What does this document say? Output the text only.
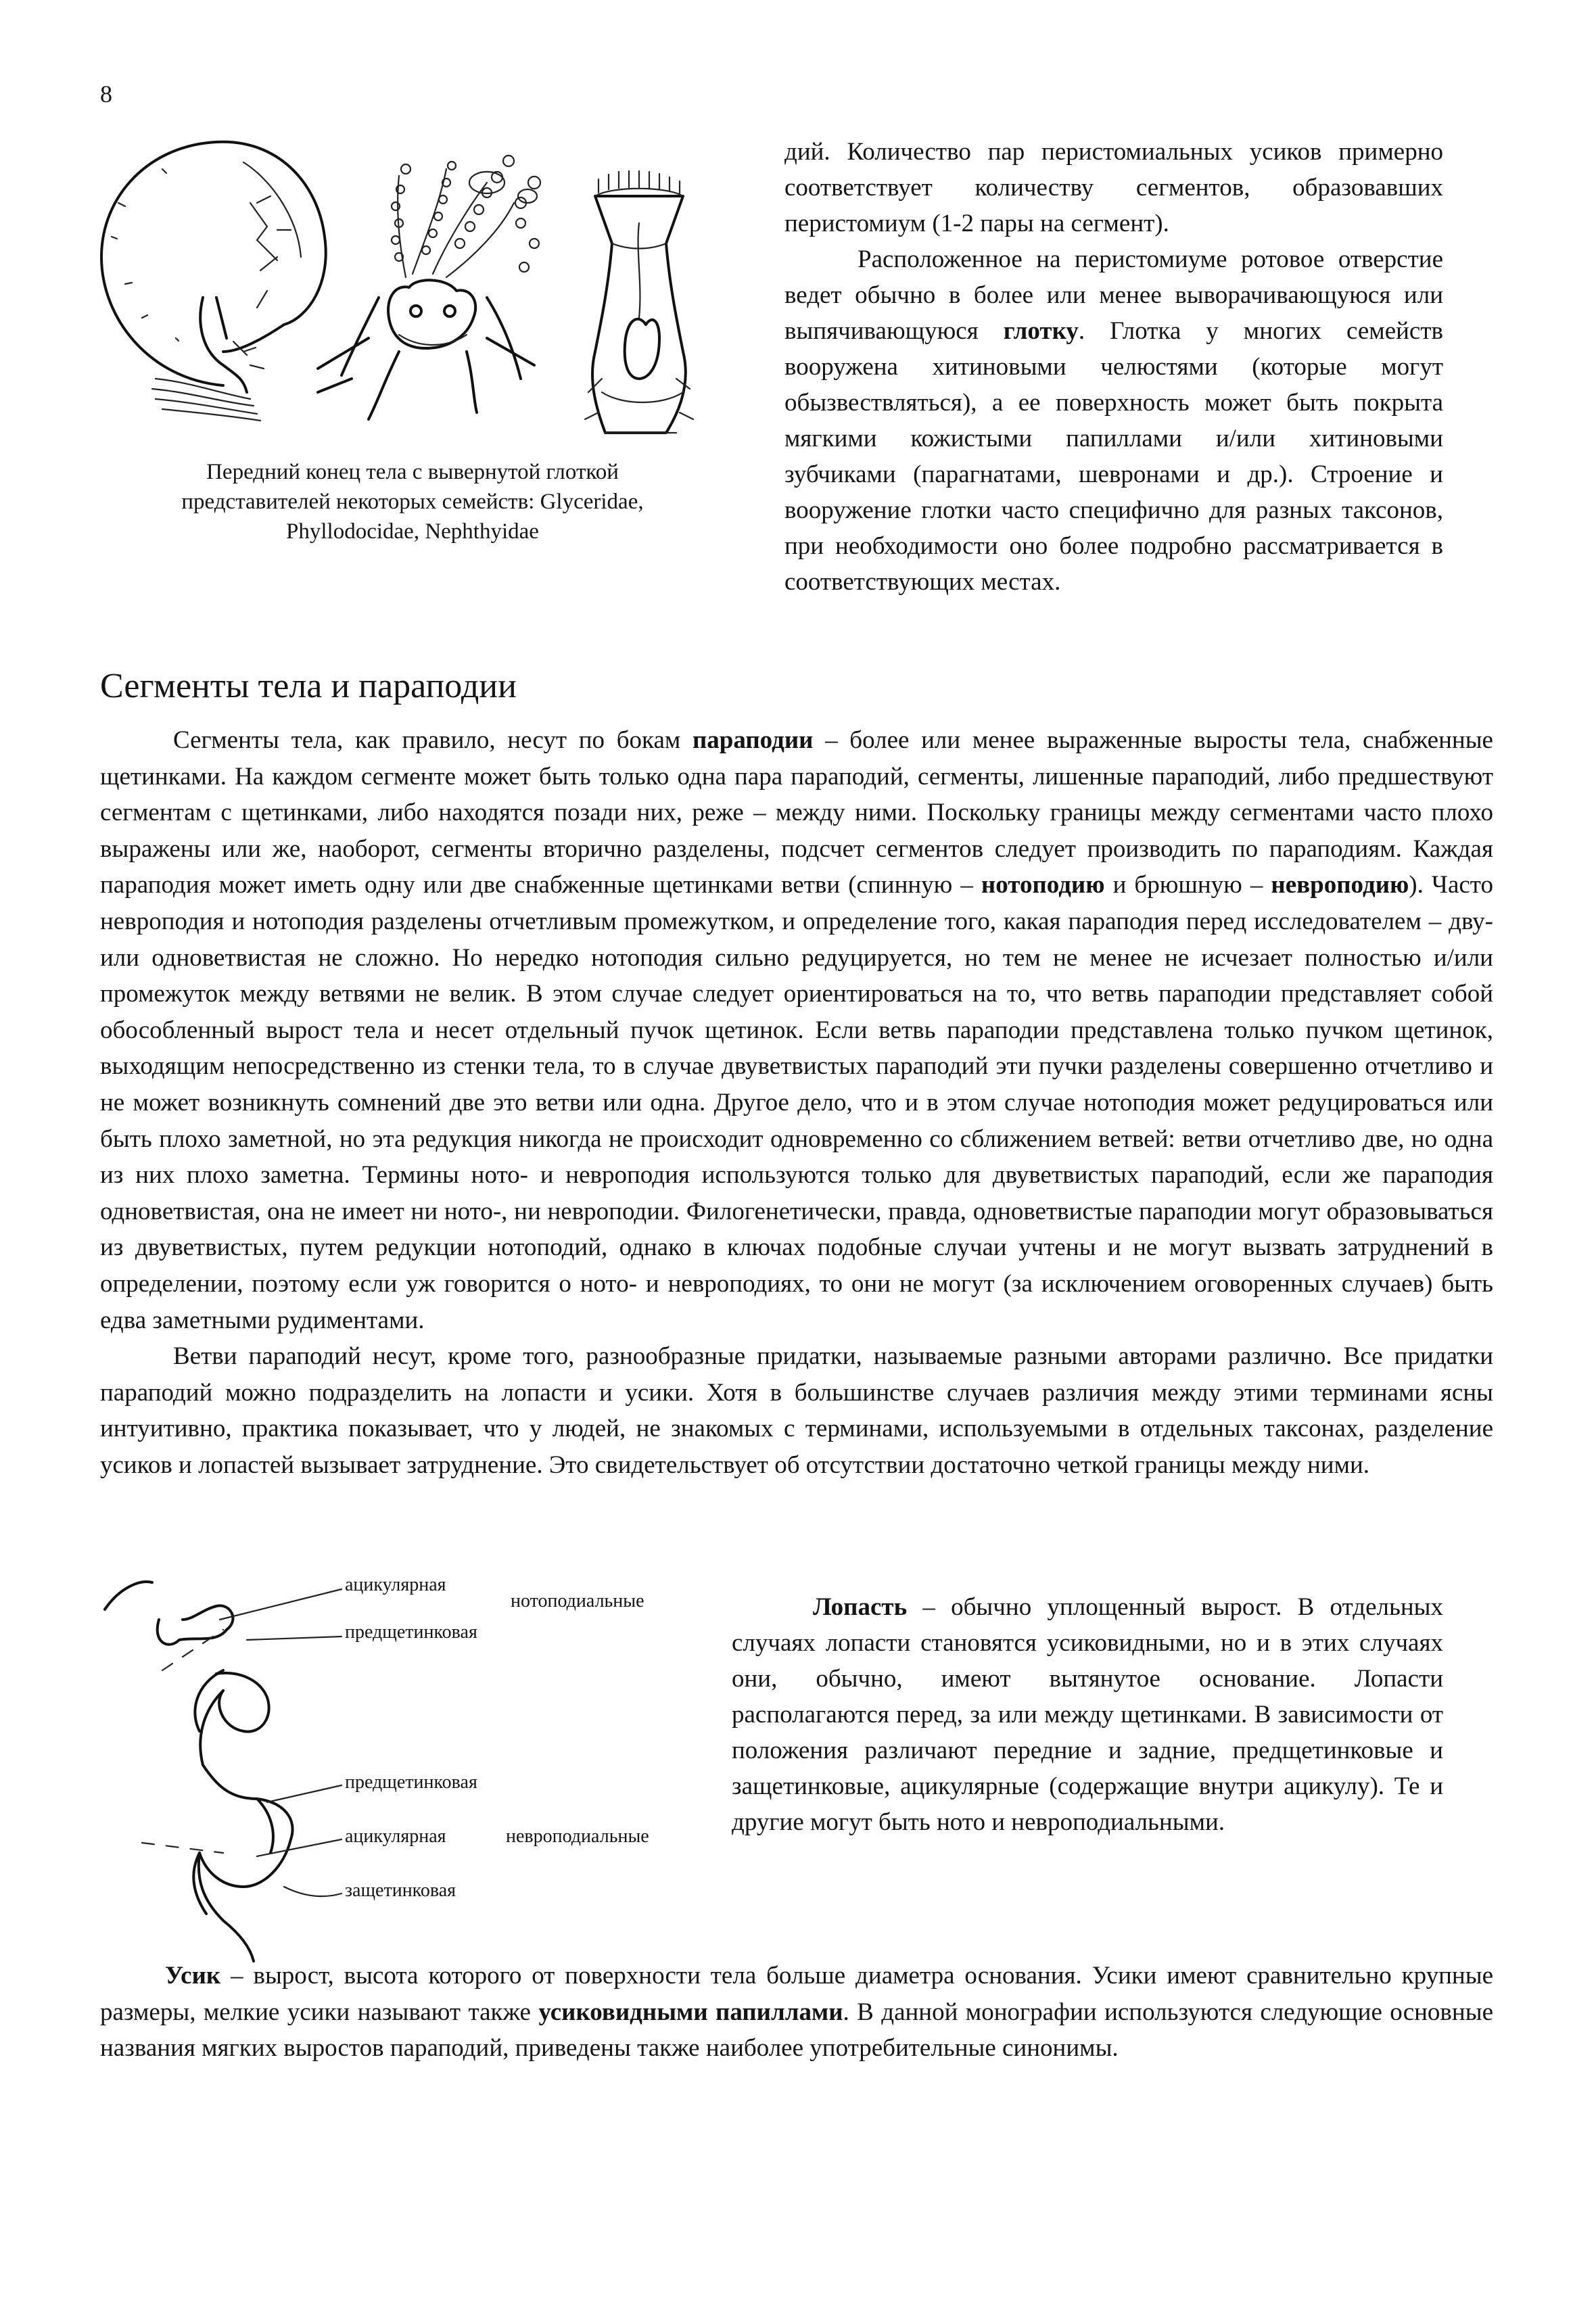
8
Передний конец тела с вывернутой глоткой представителей некоторых семейств: Glyceridae, Phyllodocidae, Nephthyidae

дий. Количество пар перистомиальных усиков примерно соответствует количеству сегментов, образовавших перистомиум (1-2 пары на сегмент).

Расположенное на перистомиуме ротовое отверстие ведет обычно в более или менее выворачивающуюся или выпячивающуюся глотку. Глотка у многих семейств вооружена хитиновыми челюстями (которые могут обызвествляться), а ее поверхность может быть покрыта мягкими кожистыми папиллами и/или хитиновыми зубчиками (парагнатами, шевронами и др.). Строение и вооружение глотки часто специфично для разных таксонов, при необходимости оно более подробно рассматривается в соответствующих местах.

Сегменты тела и параподии

Сегменты тела, как правило, несут по бокам параподии – более или менее выраженные выросты тела, снабженные щетинками. На каждом сегменте может быть только одна пара параподий, сегменты, лишенные параподий, либо предшествуют сегментам с щетинками, либо находятся позади них, реже – между ними. Поскольку границы между сегментами часто плохо выражены или же, наоборот, сегменты вторично разделены, подсчет сегментов следует производить по параподиям. Каждая параподия может иметь одну или две снабженные щетинками ветви (спинную – нотоподию и брюшную – невроподию). Часто невроподия и нотоподия разделены отчетливым промежутком, и определение того, какая параподия перед исследователем – дву- или одноветвистая не сложно. Но нередко нотоподия сильно редуцируется, но тем не менее не исчезает полностью и/или промежуток между ветвями не велик. В этом случае следует ориентироваться на то, что ветвь параподии представляет собой обособленный вырост тела и несет отдельный пучок щетинок. Если ветвь параподии представлена только пучком щетинок, выходящим непосредственно из стенки тела, то в случае двуветвистых параподий эти пучки разделены совершенно отчетливо и не может возникнуть сомнений две это ветви или одна. Другое дело, что и в этом случае нотоподия может редуцироваться или быть плохо заметной, но эта редукция никогда не происходит одновременно со сближением ветвей: ветви отчетливо две, но одна из них плохо заметна. Термины ното- и невроподия используются только для двуветвистых параподий, если же параподия одноветвистая, она не имеет ни ното-, ни невроподии. Филогенетически, правда, одноветвистые параподии могут образовываться из двуветвистых, путем редукции нотоподий, однако в ключах подобные случаи учтены и не могут вызвать затруднений в определении, поэтому если уж говорится о ното- и невроподиях, то они не могут (за исключением оговоренных случаев) быть едва заметными рудиментами.

Ветви параподий несут, кроме того, разнообразные придатки, называемые разными авторами различно. Все придатки параподий можно подразделить на лопасти и усики. Хотя в большинстве случаев различия между этими терминами ясны интуитивно, практика показывает, что у людей, не знакомых с терминами, используемыми в отдельных таксонах, разделение усиков и лопастей вызывает затруднение. Это свидетельствует об отсутствии достаточно четкой границы между ними.

ацикулярная
нотоподиальные
предщетинковая
предщетинковая
ацикулярная	невроподиальные
защетинковая

Лопасть – обычно уплощенный вырост. В отдельных случаях лопасти становятся усиковидными, но и в этих случаях они, обычно, имеют вытянутое основание. Лопасти располагаются перед, за или между щетинками. В зависимости от положения различают передние и задние, предщетинковые и защетинковые, ацикулярные (содержащие внутри ацикулу). Те и другие могут быть ното и невроподиальными.

Усик – вырост, высота которого от поверхности тела больше диаметра основания. Усики имеют сравнительно крупные размеры, мелкие усики называют также усиковидными папиллами. В данной монографии используются следующие основные названия мягких выростов параподий, приведены также наиболее употребительные синонимы.
